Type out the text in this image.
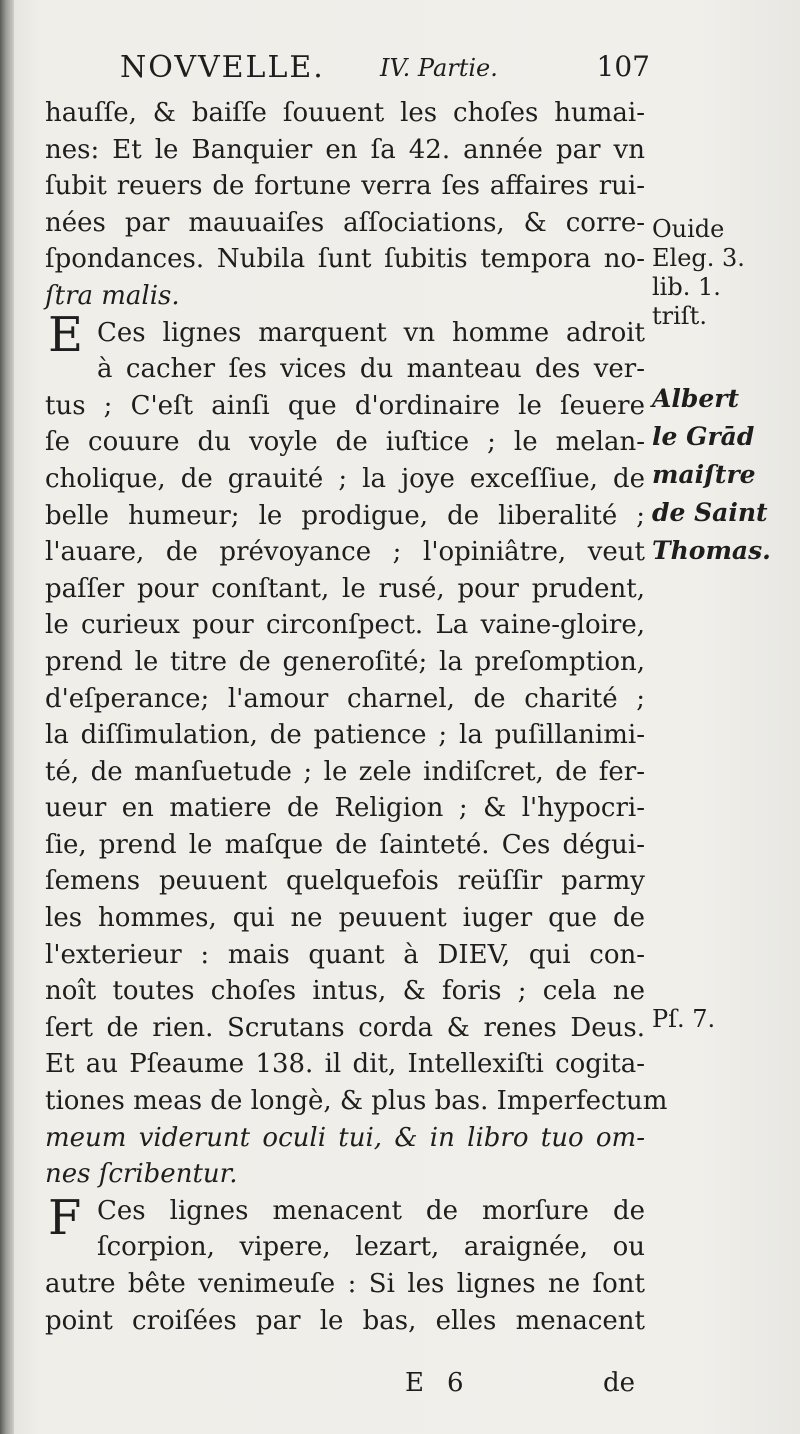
NOVVELLE. IV. Partie.	107
E
F
hauſſe, & baiſſe ſouuent les choſes humai-
nes: Et le Banquier en ſa 42. année par vn
ſubit reuers de fortune verra ſes affaires rui-
nées par mauuaiſes aſſociations, & corre-
ſpondances. Nubila ſunt ſubitis tempora no-
ſtra malis.
Ces lignes marquent vn homme adroit
à cacher ſes vices du manteau des ver-
tus ; C'eſt ainſi que d'ordinaire le ſeuere
ſe couure du voyle de iuſtice ; le melan-
cholique, de grauité ; la joye exceſſiue, de
belle humeur; le prodigue, de liberalité ;
l'auare, de prévoyance ; l'opiniâtre, veut
paſſer pour conſtant, le rusé, pour prudent,
le curieux pour circonſpect. La vaine-gloire,
prend le titre de generoſité; la preſomption,
d'eſperance; l'amour charnel, de charité ;
la diſſimulation, de patience ; la puſillanimi-
té, de manſuetude ; le zele indiſcret, de fer-
ueur en matiere de Religion ; & l'hypocri-
ſie, prend le maſque de ſainteté. Ces dégui-
ſemens peuuent quelquefois reüſſir parmy
les hommes, qui ne peuuent iuger que de
l'exterieur : mais quant à DIEV, qui con-
noît toutes choſes intus, & foris ; cela ne
ſert de rien. Scrutans corda & renes Deus.
Et au Pſeaume 138. il dit, Intellexiſti cogita-
tiones meas de longè, & plus bas. Imperfectum
meum viderunt oculi tui, & in libro tuo om-
nes ſcribentur.
Ces lignes menacent de morſure de
ſcorpion, vipere, lezart, araignée, ou
autre bête venimeuſe : Si les lignes ne ſont
point croiſées par le bas, elles menacent
Ouide
Eleg. 3.
lib. 1.
triſt.
Albert
le Grād
maiſtre
de Saint
Thomas.
Pſ. 7.
E 6	de
